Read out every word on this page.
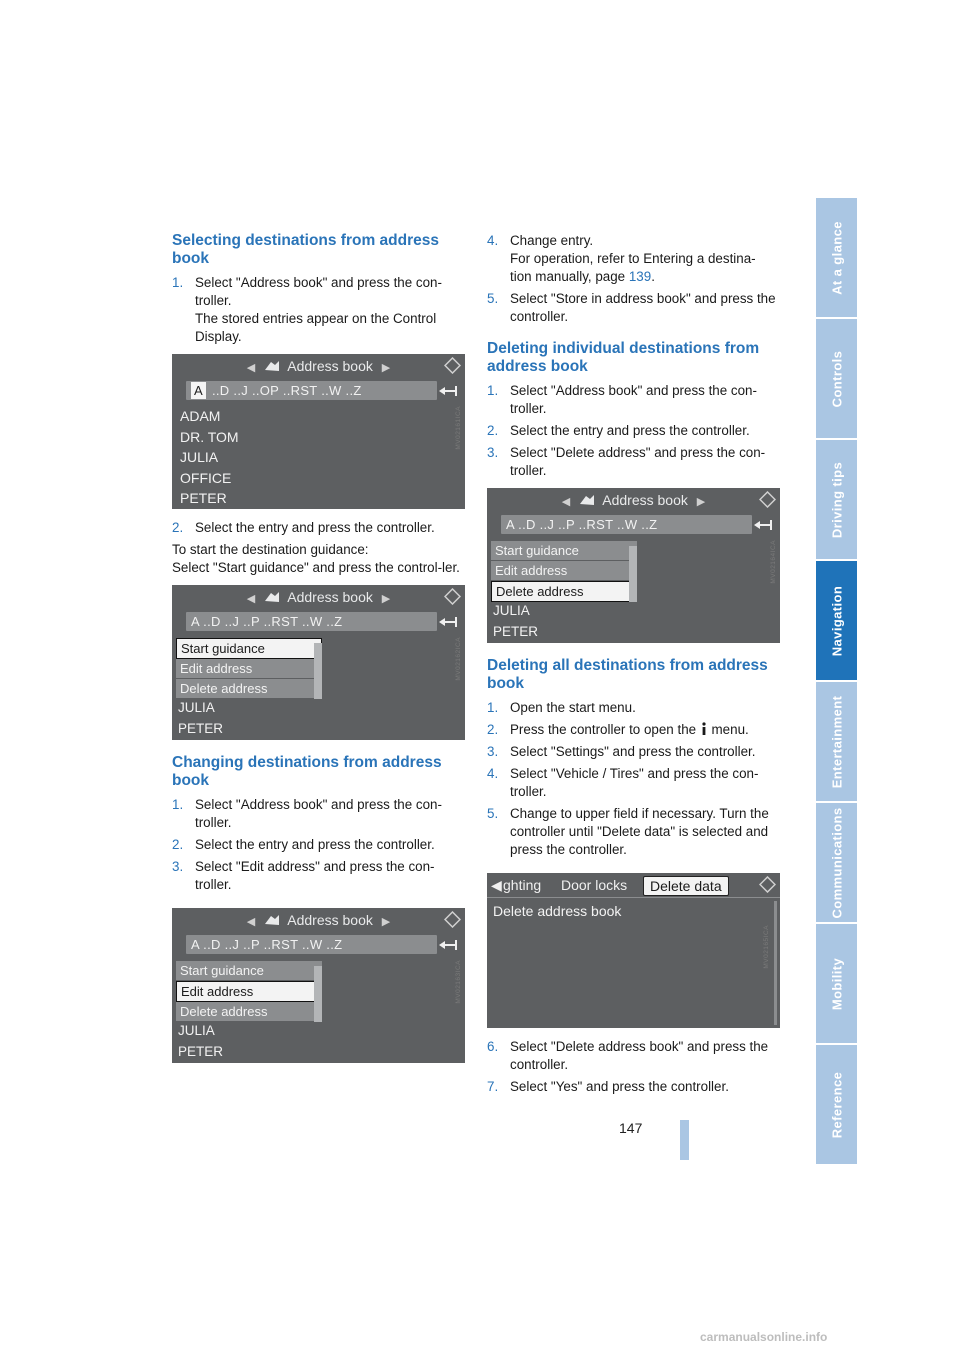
Selecting destinations from address book
1. Select "Address book" and press the con-troller.
The stored entries appear on the Control
Display.
◀ Address book ▶
A ..D ..J ..OP ..RST ..W ..Z
ADAM
DR. TOM
JULIA
OFFICE
PETER
MV02161ICA
2. Select the entry and press the controller.

To start the destination guidance:

Select "Start guidance" and press the control-ler.

◀ Address book ▶
A ..D ..J ..P ..RST ..W ..Z
Start guidance
Edit address
Delete address
JULIA
PETER
MV02162ICA
Changing destinations from address book
1. Select "Address book" and press the con-troller.
2. Select the entry and press the controller.
3. Select "Edit address" and press the con-troller.
◀ Address book ▶
A ..D ..J ..P ..RST ..W ..Z
Start guidance
Edit address
Delete address
JULIA
PETER
MV02163ICA
4. Change entry.
For operation, refer to Entering a destina-
tion manually, page 139.
5. Select "Store in address book" and press the controller.
Deleting individual destinations from address book
1. Select "Address book" and press the con-troller.
2. Select the entry and press the controller.
3. Select "Delete address" and press the con-troller.
◀ Address book ▶
A ..D ..J ..P ..RST ..W ..Z
Start guidance
Edit address
Delete address
JULIA
PETER
MV02164ICA
Deleting all destinations from address book
1. Open the start menu.
2. Press the controller to open the  menu.
3. Select "Settings" and press the controller.
4. Select "Vehicle / Tires" and press the con-troller.
5. Change to upper field if necessary. Turn the controller until "Delete data" is selected and press the controller.
◀ ghting Door locks	Delete data
Delete address book
MV02165ICA
6. Select "Delete address book" and press the controller.
7. Select "Yes" and press the controller.
At a glance
Controls
Driving tips
Navigation
Entertainment
Communications
Mobility
Reference
147
carmanualsonline.info
